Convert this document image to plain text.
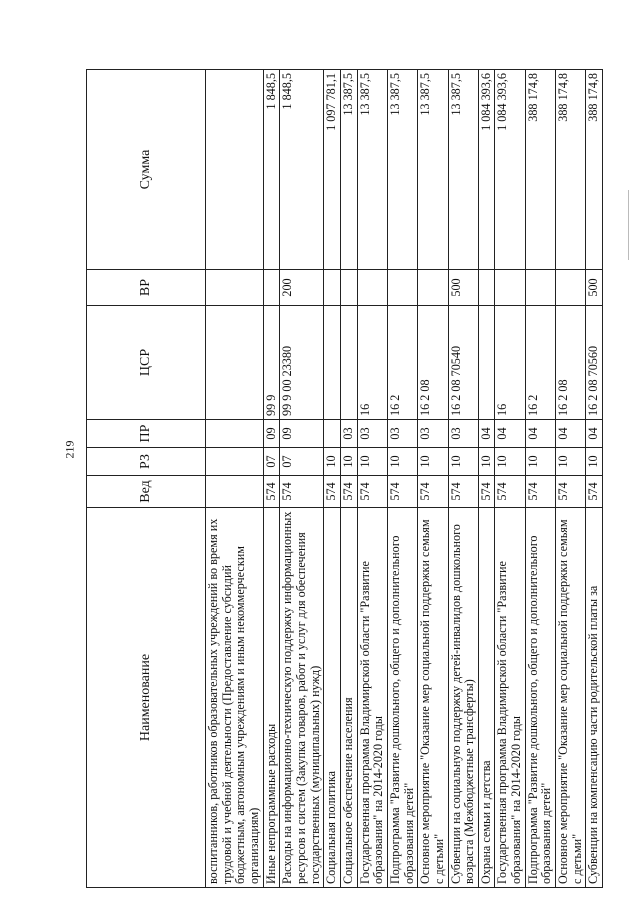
219
Наименование	Вед	РЗ	ПР	ЦСР	ВР	Сумма
воспитанников, работников образовательных учреждений во время их трудовой и учебной деятельности (Предоставление субсидий бюджетным, автономным учреждениям и иным некоммерческим организациям)						
Иные непрограммные расходы	574	07	09	99 9		1 848,5
Расходы на информационно-техническую поддержку информационных ресурсов и систем (Закупка товаров, работ и услуг для обеспечения государственных (муниципальных) нужд)	574	07	09	99 9 00 23380	200	1 848,5
Социальная политика	574	10				1 097 781,1
Социальное обеспечение населения	574	10	03			13 387,5
Государственная программа Владимирской области "Развитие образования" на 2014-2020 годы	574	10	03	16		13 387,5
Подпрограмма "Развитие дошкольного, общего и дополнительного образования детей"	574	10	03	16 2		13 387,5
Основное мероприятие "Оказание мер социальной поддержки семьям с детьми"	574	10	03	16 2 08		13 387,5
Субвенции на социальную поддержку детей-инвалидов дошкольного возраста (Межбюджетные трансферты)	574	10	03	16 2 08 70540	500	13 387,5
Охрана семьи и детства	574	10	04			1 084 393,6
Государственная программа Владимирской области "Развитие образования" на 2014-2020 годы	574	10	04	16		1 084 393,6
Подпрограмма "Развитие дошкольного, общего и дополнительного образования детей"	574	10	04	16 2		388 174,8
Основное мероприятие "Оказание мер социальной поддержки семьям с детьми"	574	10	04	16 2 08		388 174,8
Субвенции на компенсацию части родительской платы за	574	10	04	16 2 08 70560	500	388 174,8
